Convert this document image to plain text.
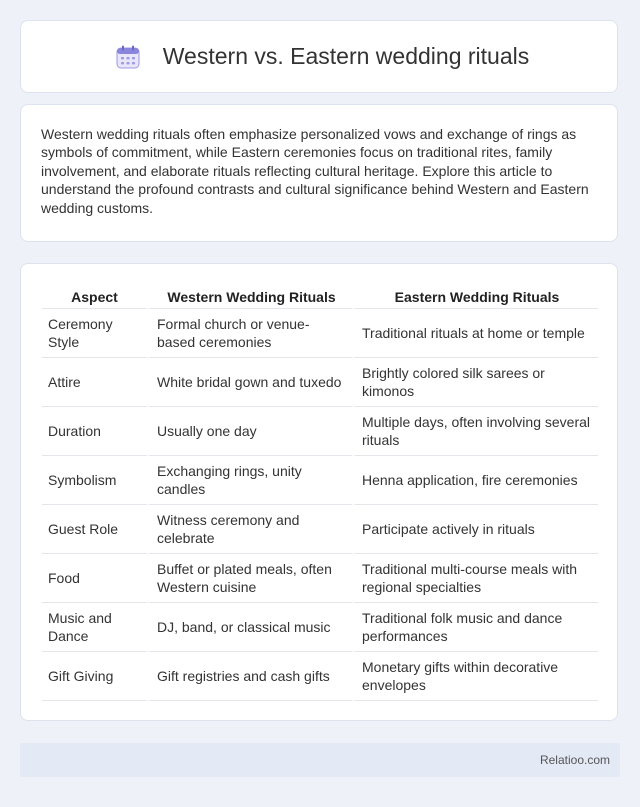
Western vs. Eastern wedding rituals

Western wedding rituals often emphasize personalized vows and exchange of rings as symbols of commitment, while Eastern ceremonies focus on traditional rites, family involvement, and elaborate rituals reflecting cultural heritage. Explore this article to understand the profound contrasts and cultural significance behind Western and Eastern wedding customs.

Aspect	Western Wedding Rituals	Eastern Wedding Rituals
Ceremony Style	Formal church or venue-based ceremonies	Traditional rituals at home or temple
Attire	White bridal gown and tuxedo	Brightly colored silk sarees or kimonos
Duration	Usually one day	Multiple days, often involving several rituals
Symbolism	Exchanging rings, unity candles	Henna application, fire ceremonies
Guest Role	Witness ceremony and celebrate	Participate actively in rituals
Food	Buffet or plated meals, often Western cuisine	Traditional multi-course meals with regional specialties
Music and Dance	DJ, band, or classical music	Traditional folk music and dance performances
Gift Giving	Gift registries and cash gifts	Monetary gifts within decorative envelopes
Relatioo.com
